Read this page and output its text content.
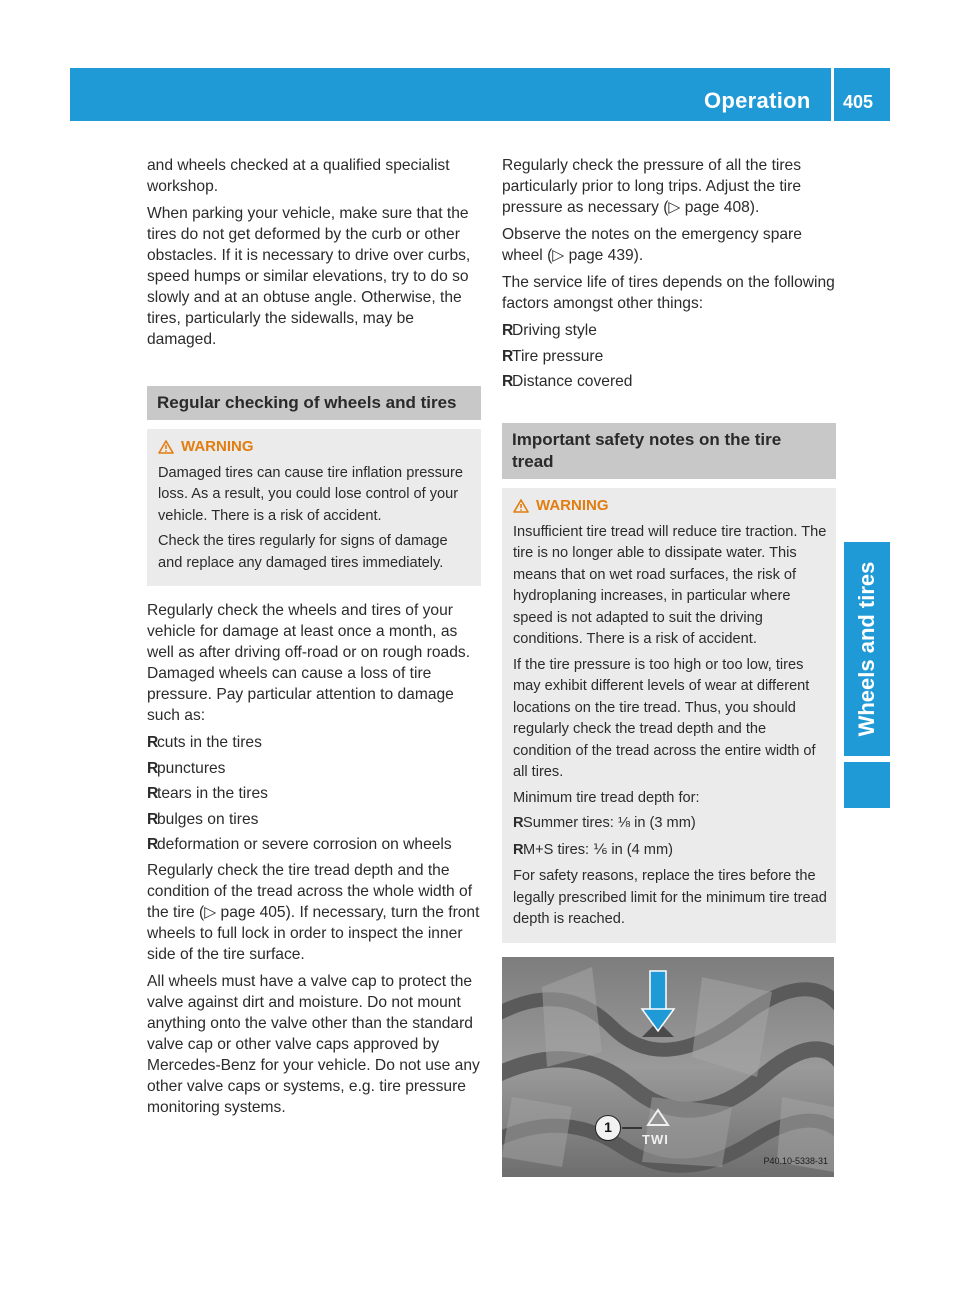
Operation 405
Wheels and tires

and wheels checked at a qualified specialist workshop.

When parking your vehicle, make sure that the tires do not get deformed by the curb or other obstacles. If it is necessary to drive over curbs, speed humps or similar elevations, try to do so slowly and at an obtuse angle. Otherwise, the tires, particularly the sidewalls, may be damaged.

Regular checking of wheels and tires
WARNING

Damaged tires can cause tire inflation pressure loss. As a result, you could lose control of your vehicle. There is a risk of accident.

Check the tires regularly for signs of damage and replace any damaged tires immediately.

Regularly check the wheels and tires of your vehicle for damage at least once a month, as well as after driving off-road or on rough roads. Damaged wheels can cause a loss of tire pressure. Pay particular attention to damage such as:

R
cuts in the tires
R
punctures
R
tears in the tires
R
bulges on tires
R
deformation or severe corrosion on wheels

Regularly check the tire tread depth and the condition of the tread across the whole width of the tire (▷ page 405). If necessary, turn the front wheels to full lock in order to inspect the inner side of the tire surface.

All wheels must have a valve cap to protect the valve against dirt and moisture. Do not mount anything onto the valve other than the standard valve cap or other valve caps approved by Mercedes-Benz for your vehicle. Do not use any other valve caps or systems, e.g. tire pressure monitoring systems.

Regularly check the pressure of all the tires particularly prior to long trips. Adjust the tire pressure as necessary (▷ page 408).

Observe the notes on the emergency spare wheel (▷ page 439).

The service life of tires depends on the following factors amongst other things:

R
Driving style
R
Tire pressure
R
Distance covered
Important safety notes on the tire tread
WARNING

Insufficient tire tread will reduce tire traction. The tire is no longer able to dissipate water. This means that on wet road surfaces, the risk of hydroplaning increases, in particular where speed is not adapted to suit the driving conditions. There is a risk of accident.

If the tire pressure is too high or too low, tires may exhibit different levels of wear at different locations on the tire tread. Thus, you should regularly check the tread depth and the condition of the tread across the entire width of all tires.

Minimum tire tread depth for:

R Summer tires: ⅛ in (3 mm)
R M+S tires: ⅙ in (4 mm)

For safety reasons, replace the tires before the legally prescribed limit for the minimum tire tread depth is reached.

1
TWI
P40.10-5338-31
